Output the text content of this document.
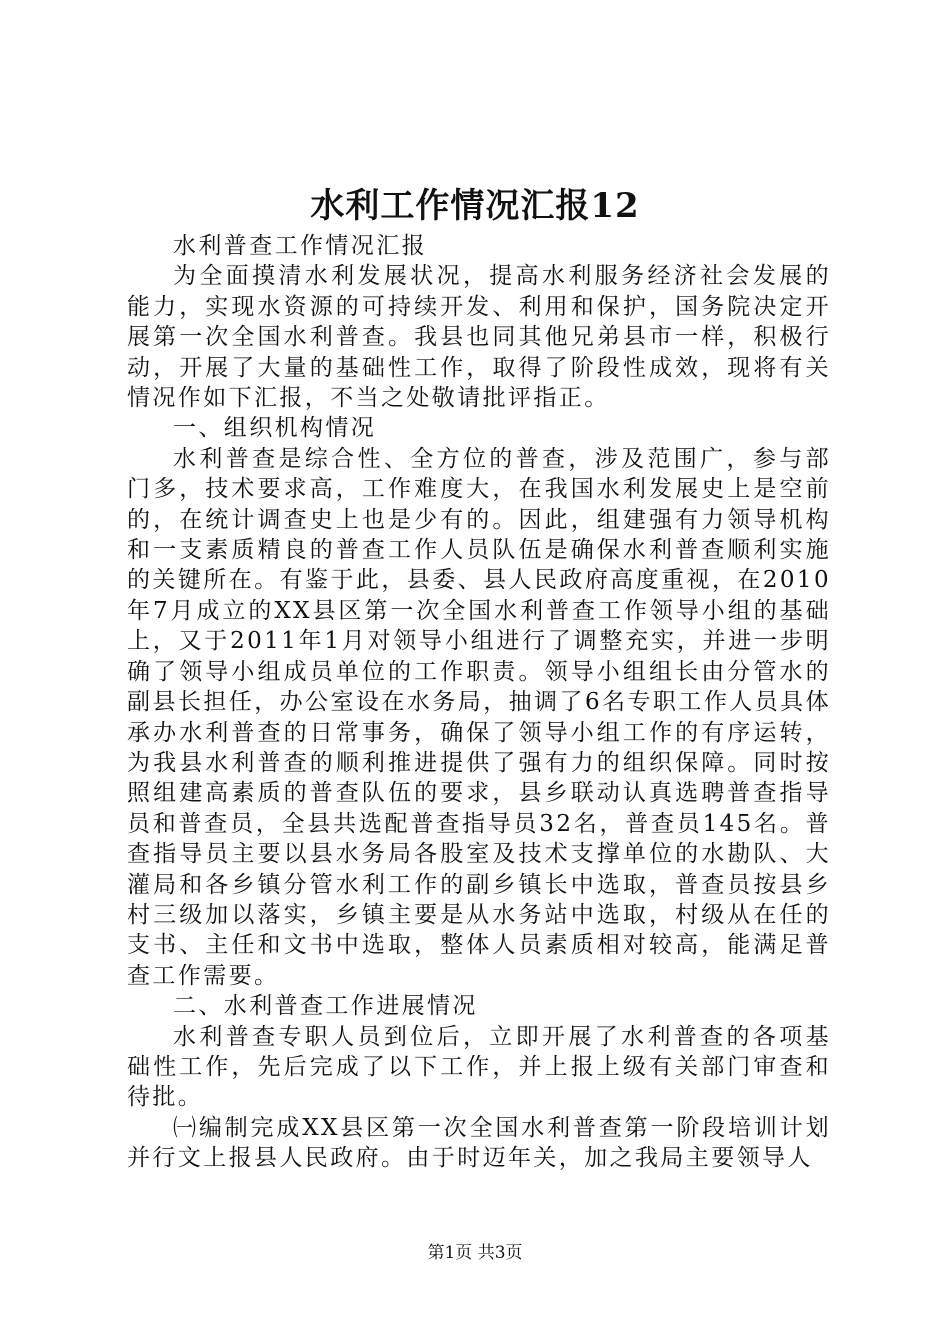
水利工作情况汇报12

水利普查工作情况汇报

为全面摸清水利发展状况，提高水利服务经济社会发展的能力，实现水资源的可持续开发、利用和保护，国务院决定开展第一次全国水利普查。我县也同其他兄弟县市一样，积极行动，开展了大量的基础性工作，取得了阶段性成效，现将有关情况作如下汇报，不当之处敬请批评指正。

一、组织机构情况

水利普查是综合性、全方位的普查，涉及范围广，参与部门多，技术要求高，工作难度大，在我国水利发展史上是空前的，在统计调查史上也是少有的。因此，组建强有力领导机构和一支素质精良的普查工作人员队伍是确保水利普查顺利实施的关键所在。有鉴于此，县委、县人民政府高度重视，在2010年7月成立的XX县区第一次全国水利普查工作领导小组的基础上，又于2011年1月对领导小组进行了调整充实，并进一步明确了领导小组成员单位的工作职责。领导小组组长由分管水的副县长担任，办公室设在水务局，抽调了6名专职工作人员具体承办水利普查的日常事务，确保了领导小组工作的有序运转，为我县水利普查的顺利推进提供了强有力的组织保障。同时按照组建高素质的普查队伍的要求，县乡联动认真选聘普查指导员和普查员，全县共选配普查指导员32名，普查员145名。普查指导员主要以县水务局各股室及技术支撑单位的水勘队、大灌局和各乡镇分管水利工作的副乡镇长中选取，普查员按县乡村三级加以落实，乡镇主要是从水务站中选取，村级从在任的支书、主任和文书中选取，整体人员素质相对较高，能满足普查工作需要。

二、水利普查工作进展情况

水利普查专职人员到位后，立即开展了水利普查的各项基础性工作，先后完成了以下工作，并上报上级有关部门审查和待批。

㈠编制完成XX县区第一次全国水利普查第一阶段培训计划并行文上报县人民政府。由于时迈年关，加之我局主要领导人

第1页 共3页
